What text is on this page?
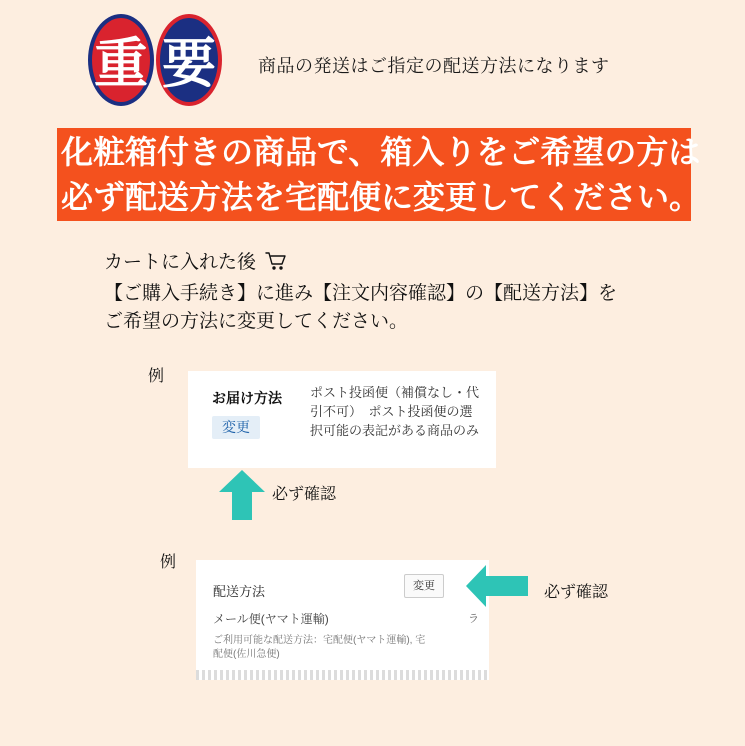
重 要	商品の発送はご指定の配送方法になります
化粧箱付きの商品で、箱入りをご希望の方は
必ず配送方法を宅配便に変更してください。
カートに入れた後
【ご購入手続き】に進み【注文内容確認】の【配送方法】を
ご希望の方法に変更してください。
例
お届け方法
変更
ポスト投函便（補償なし・代引不可）　ポスト投函便の選択可能の表記がある商品のみ
必ず確認
例
配送方法	変更
メール便(ヤマト運輸)
ご利用可能な配送方法：宅配便(ヤマト運輸), 宅配便(佐川急便)
ラ
必ず確認
